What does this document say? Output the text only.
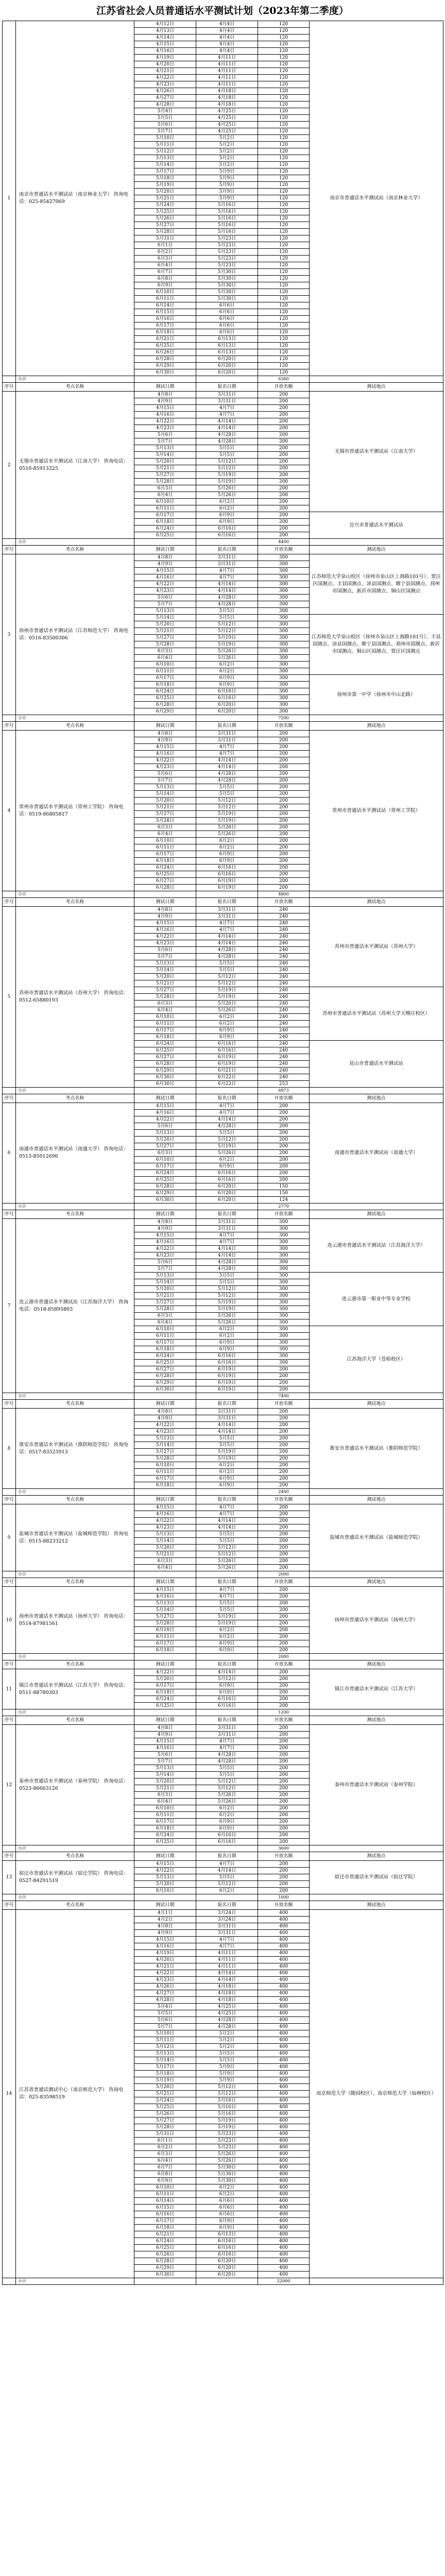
江苏省社会人员普通话水平测试计划（2023年第二季度）
1	南京市普通话水平测试站（南京林业大学） 咨询电话：025-85427069	4月12日	4月4日	120	南京市普通话水平测试站（南京林业大学）
		4月13日	4月4日	120	
		4月14日	4月4日	120	
		4月15日	4月4日	120	
		4月16日	4月4日	120	
		4月19日	4月11日	120	
		4月20日	4月11日	120	
		4月21日	4月11日	120	
		4月22日	4月11日	120	
		4月23日	4月11日	120	
		4月26日	4月18日	120	
		4月27日	4月18日	120	
		4月28日	4月18日	120	
		5月4日	4月25日	120	
		5月5日	4月25日	120	
		5月6日	4月25日	120	
		5月7日	4月25日	120	
		5月10日	5月2日	120	
		5月11日	5月2日	120	
		5月12日	5月2日	120	
		5月13日	5月2日	120	
		5月14日	5月2日	120	
		5月17日	5月9日	120	
		5月18日	5月9日	120	
		5月19日	5月9日	120	
		5月20日	5月9日	120	
		5月21日	5月9日	120	
		5月24日	5月16日	120	
		5月25日	5月16日	120	
		5月26日	5月16日	120	
		5月27日	5月16日	120	
		5月28日	5月16日	120	
		5月31日	5月23日	120	
		6月1日	5月23日	120	
		6月2日	5月23日	120	
		6月3日	5月23日	120	
		6月4日	5月23日	120	
		6月7日	5月30日	120	
		6月8日	5月30日	120	
		6月9日	5月30日	120	
		6月10日	5月30日	120	
		6月11日	5月30日	120	
		6月14日	6月6日	120	
		6月15日	6月6日	120	
		6月16日	6月6日	120	
		6月17日	6月6日	120	
		6月18日	6月6日	120	
		6月21日	6月13日	120	
		6月25日	6月13日	120	
		6月26日	6月13日	120	
		6月28日	6月20日	120	
		6月29日	6月20日	120	
		6月30日	6月20日	120	
	小计			6360	
序号	考点名称	测试日期	报名日期	开放名额	测试地点
2	无锡市普通话水平测试站（江南大学） 咨询电话：0510-85913325	4月8日	3月31日	200	无锡市普通话水平测试站（江南大学）
		4月9日	3月31日	200	
		4月15日	4月7日	200	
		4月16日	4月7日	200	
		4月22日	4月14日	200	
		4月23日	4月14日	200	
		5月6日	4月28日	200	
		5月7日	4月28日	200	
		5月13日	5月5日	200	
		5月14日	5月5日	200	
		5月20日	5月12日	200	
		5月21日	5月12日	200	
		5月27日	5月19日	200	
		5月28日	5月19日	200	
		6月3日	5月26日	200	
		6月4日	5月26日	200	
		6月10日	6月2日	200	
		6月11日	6月2日	200	
		6月17日	6月9日	200	宜兴市普通话水平测试站
		6月18日	6月9日	200	
		6月24日	6月16日	200	
		6月25日	6月16日	200	
	小计			4400	
序号	考点名称	测试日期	报名日期	开放名额	测试地点
3	徐州市普通话水平测试站（江苏师范大学） 咨询电话：0516-83500306	4月8日	3月31日	300	江苏师范大学泉山校区（徐州市泉山区上海路101号）、贾汪区国测点、丰县国测点、沛县国测点、睢宁县国测点、邳州市国测点、新沂市国测点、铜山区国测点
		4月9日	3月31日	300	
		4月15日	4月7日	300	
		4月16日	4月7日	300	
		4月22日	4月14日	300	
		4月23日	4月14日	300	
		5月6日	4月28日	300	
		5月7日	4月28日	300	
		5月13日	5月5日	300	
		5月14日	5月5日	300	江苏师范大学泉山校区（徐州市泉山区上海路101号）、丰县国测点、沛县国测点、睢宁县国测点、邳州市国测点、新沂市国测点、铜山区国测点、贾汪区国测点
		5月20日	5月12日	300	
		5月21日	5月12日	300	
		5月27日	5月19日	300	
		5月28日	5月19日	300	
		6月3日	5月26日	300	
		6月4日	5月26日	300	
		6月10日	6月2日	300	
		6月11日	6月2日	300	
		6月17日	6月9日	300	徐州市第一中学（徐州市中山北路）
		6月18日	6月9日	300	
		6月24日	6月16日	300	
		6月25日	6月16日	300	
		6月28日	6月20日	300	
		6月29日	6月20日	300	
	小计			7200	
序号	考点名称	测试日期	报名日期	开放名额	测试地点
4	常州市普通话水平测试站（常州工学院） 咨询电话：0519-86805817	4月8日	3月31日	200	常州市普通话水平测试站（常州工学院）
		4月9日	3月31日	200	
		4月15日	4月7日	200	
		4月16日	4月7日	200	
		4月22日	4月14日	200	
		4月23日	4月14日	200	
		5月6日	4月28日	200	
		5月7日	4月28日	200	
		5月13日	5月5日	200	
		5月14日	5月5日	200	
		5月20日	5月12日	200	
		5月21日	5月12日	200	
		5月27日	5月19日	200	
		5月28日	5月19日	200	
		6月3日	5月26日	200	
		6月4日	5月26日	200	
		6月10日	6月2日	200	
		6月11日	6月2日	200	
		6月17日	6月9日	200	
		6月18日	6月9日	200	
		6月24日	6月16日	200	
		6月25日	6月16日	200	
		6月27日	6月19日	200	
		6月28日	6月19日	200	
	小计			4800	
序号	考点名称	测试日期	报名日期	开放名额	测试地点
5	苏州市普通话水平测试站（苏州大学） 咨询电话：0512-65880193	4月8日	3月31日	240	苏州市普通话水平测试站（苏州大学）
		4月9日	3月31日	240	
		4月15日	4月7日	240	
		4月16日	4月7日	240	
		4月22日	4月14日	240	
		4月23日	4月14日	240	
		5月6日	4月28日	240	
		5月7日	4月28日	240	
		5月13日	5月5日	240	
		5月14日	5月5日	240	
		5月20日	5月12日	240	
		5月21日	5月12日	240	
		5月27日	5月19日	240	苏州市普通话水平测试站（苏州大学天赐庄校区）
		5月28日	5月19日	240	
		6月3日	5月26日	240	
		6月4日	5月26日	240	
		6月10日	6月2日	240	
		6月11日	6月2日	240	
		6月17日	6月9日	240	
		6月18日	6月9日	240	
		6月24日	6月16日	240	昆山市普通话水平测试站
		6月25日	6月16日	240	
		6月27日	6月19日	240	
		6月28日	6月19日	240	
		6月29日	6月21日	240	
		6月30日	6月22日	240	
		6月30日	6月22日	253	
	小计			6973	
序号	考点名称	测试日期	报名日期	开放名额	测试地点
6	南通市普通话水平测试站（南通大学） 咨询电话：0513-85012696	4月15日	4月7日	200	南通市普通话水平测试站（南通大学）
		4月16日	4月7日	200	
		4月22日	4月14日	200	
		5月6日	4月28日	200	
		5月13日	5月5日	200	
		5月20日	5月12日	200	
		5月27日	5月19日	200	
		6月3日	5月26日	200	
		6月10日	6月2日	200	
		6月17日	6月9日	200	
		6月24日	6月16日	200	
		6月25日	6月16日	200	
		6月28日	6月20日	150	
		6月29日	6月20日	150	
		6月30日	6月20日	124	
	小计			2779	
序号	考点名称	测试日期	报名日期	开放名额	测试地点
7	连云港市普通话水平测试站（江苏海洋大学） 咨询电话：0518-85895803	4月8日	3月31日	300	连云港市普通话水平测试站（江苏海洋大学）
		4月9日	3月31日	300	
		4月15日	4月7日	300	
		4月16日	4月7日	300	
		4月22日	4月14日	300	
		4月23日	4月14日	300	
		5月6日	4月28日	300	
		5月7日	4月28日	300	
		5月13日	5月5日	300	连云港市第一职业中等专业学校
		5月14日	5月5日	300	
		5月20日	5月12日	300	
		5月21日	5月12日	300	
		5月27日	5月19日	300	
		5月28日	5月19日	300	
		6月3日	5月26日	300	
		6月4日	5月26日	300	
		6月10日	6月2日	300	江苏海洋大学（苍梧校区）
		6月11日	6月2日	300	
		6月17日	6月9日	300	
		6月18日	6月9日	300	
		6月24日	6月16日	300	
		6月25日	6月16日	300	
		6月27日	6月19日	200	
		6月28日	6月19日	200	
		6月29日	6月19日	200	
		6月30日	6月19日	200	
	小计			7400	
序号	考点名称	测试日期	报名日期	开放名额	测试地点
8	淮安市普通话水平测试站（淮阴师范学院） 咨询电话：0517-83525913	4月8日	3月31日	200	淮安市普通话水平测试站（淮阴师范学院）
		4月9日	3月31日	200	
		4月22日	4月14日	200	
		4月23日	4月14日	200	
		5月13日	5月5日	200	
		5月14日	5月5日	200	
		5月27日	5月19日	200	
		5月28日	5月19日	200	
		6月10日	6月2日	200	
		6月11日	6月2日	200	
		6月17日	6月9日	200	
		6月18日	6月9日	200	
	小计			2400	
序号	考点名称	测试日期	报名日期	开放名额	测试地点
9	盐城市普通话水平测试站（盐城师范学院） 咨询电话：0515-88233212	4月15日	4月7日	200	盐城市普通话水平测试站（盐城师范学院）
		4月16日	4月7日	200	
		4月22日	4月14日	200	
		4月23日	4月14日	200	
		5月13日	5月5日	200	
		5月14日	5月5日	200	
		5月20日	5月12日	200	
		5月21日	5月12日	200	
		6月3日	5月26日	200	
		6月4日	5月26日	200	
	小计			2000	
序号	考点名称	测试日期	报名日期	开放名额	测试地点
10	扬州市普通话水平测试站（扬州大学） 咨询电话：0514-87981561	4月15日	4月7日	200	扬州市普通话水平测试站（扬州大学）
		4月16日	4月7日	200	
		5月13日	5月5日	200	
		5月14日	5月5日	200	
		5月27日	5月19日	200	
		5月28日	5月19日	200	
		6月10日	6月2日	200	
		6月11日	6月2日	200	
		6月17日	6月9日	200	
		6月18日	6月9日	200	
	小计			2000	
序号	考点名称	测试日期	报名日期	开放名额	测试地点
11	镇江市普通话水平测试站（江苏大学） 咨询电话：0511-88780303	4月22日	4月14日	200	镇江市普通话水平测试站（江苏大学）
		5月20日	5月12日	200	
		6月17日	6月9日	200	
		6月18日	6月9日	200	
		6月24日	6月16日	200	
		6月25日	6月16日	200	
	小计			1200	
序号	考点名称	测试日期	报名日期	开放名额	测试地点
12	泰州市普通话水平测试站（泰州学院） 咨询电话：0523-86663126	4月8日	3月31日	200	泰州市普通话水平测试站（泰州学院）
		4月9日	3月31日	200	
		4月15日	4月7日	200	
		4月16日	4月7日	200	
		5月6日	4月28日	200	
		5月7日	4月28日	200	
		5月13日	5月5日	200	
		5月14日	5月5日	200	
		5月20日	5月12日	200	
		5月21日	5月12日	200	
		6月3日	5月26日	200	
		6月4日	5月26日	200	
		6月10日	6月2日	200	
		6月11日	6月2日	200	
		6月17日	6月9日	200	
		6月18日	6月9日	200	
		6月24日	6月16日	200	
		6月25日	6月16日	200	
	小计			3600	
序号	考点名称	测试日期	报名日期	开放名额	测试地点
13	宿迁市普通话水平测试站（宿迁学院） 咨询电话：0527-84291519	4月15日	4月7日	200	宿迁市普通话水平测试站（宿迁学院）
		4月22日	4月14日	200	
		5月13日	5月5日	200	
		5月20日	5月12日	200	
		6月10日	6月2日	200	
	小计			1000	
序号	考点名称	测试日期	报名日期	开放名额	测试地点
14	江苏省普通话测试中心（南京师范大学） 咨询电话：025-83598519	4月1日	3月24日	400	南京师范大学（随园校区）、南京师范大学（仙林校区）
		4月2日	3月24日	400	
		4月8日	3月31日	400	
		4月9日	3月31日	400	
		4月15日	4月7日	400	
		4月16日	4月7日	400	
		4月19日	4月11日	400	
		4月20日	4月11日	400	
		4月21日	4月11日	400	
		4月22日	4月14日	400	
		4月23日	4月14日	400	
		4月26日	4月18日	400	
		4月27日	4月18日	400	
		4月28日	4月18日	400	
		5月4日	4月25日	400	
		5月5日	4月25日	400	
		5月6日	4月28日	400	
		5月7日	4月28日	400	
		5月10日	5月2日	400	
		5月11日	5月2日	400	
		5月12日	5月2日	400	
		5月13日	5月5日	400	
		5月14日	5月5日	400	
		5月17日	5月9日	400	
		5月18日	5月9日	400	
		5月19日	5月9日	400	
		5月20日	5月12日	400	
		5月21日	5月12日	400	
		5月24日	5月16日	400	
		5月25日	5月16日	400	
		5月26日	5月16日	400	
		5月27日	5月19日	400	
		5月28日	5月19日	400	
		5月31日	5月23日	400	
		6月1日	5月23日	400	
		6月2日	5月23日	400	
		6月3日	5月26日	400	
		6月4日	5月26日	400	
		6月7日	5月30日	400	
		6月8日	5月30日	400	
		6月9日	5月30日	400	
		6月10日	6月2日	400	
		6月11日	6月2日	400	
		6月14日	6月6日	400	
		6月15日	6月6日	400	
		6月16日	6月6日	400	
		6月17日	6月9日	400	
		6月18日	6月9日	400	
		6月21日	6月13日	400	
		6月24日	6月16日	400	
		6月25日	6月16日	400	
		6月26日	6月16日	400	
		6月28日	6月20日	400	
		6月29日	6月20日	400	
		6月30日	6月20日	400	
	小计			22000	
